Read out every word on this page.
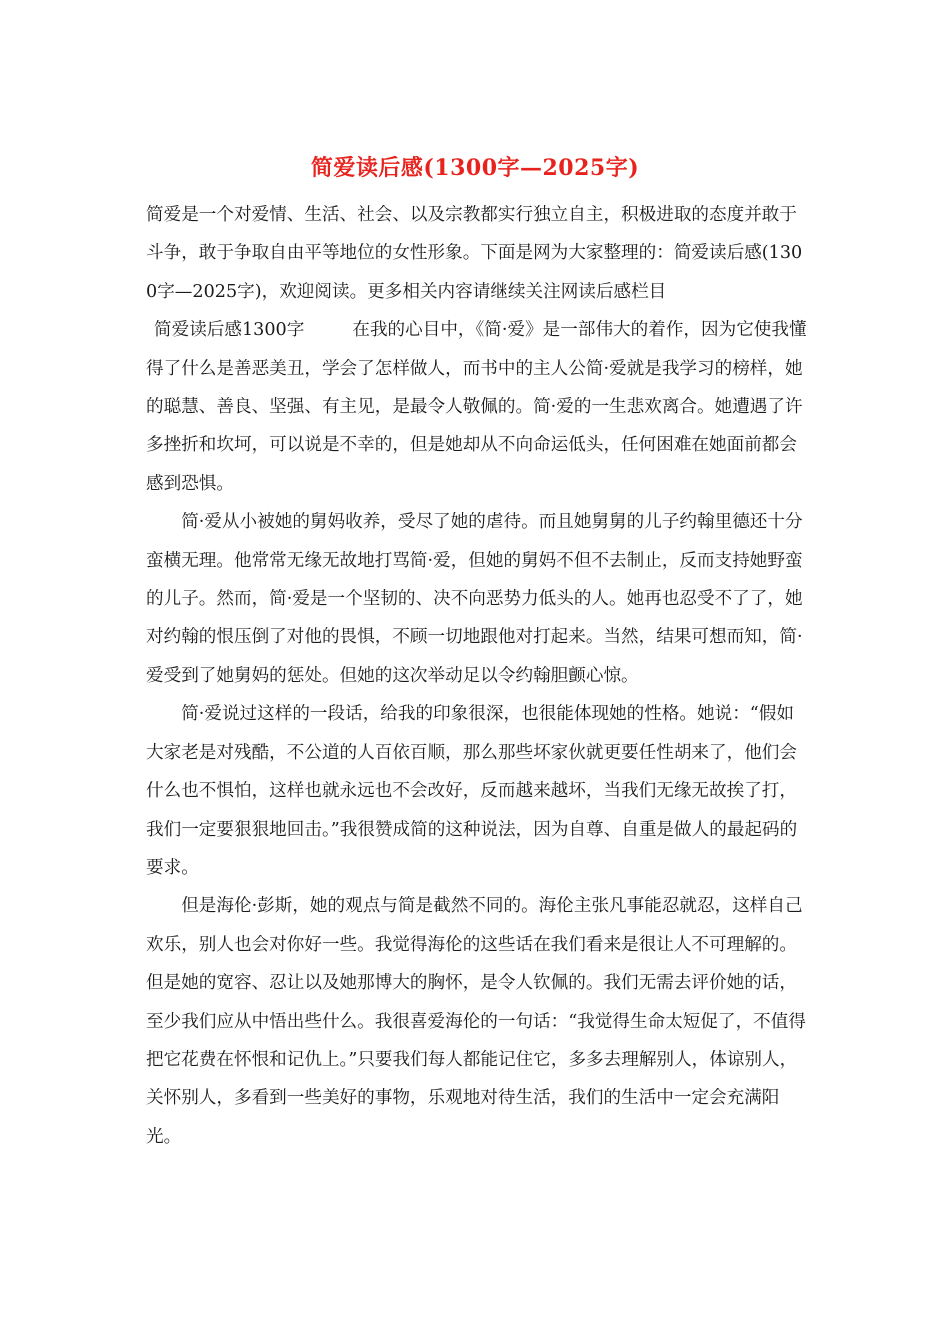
简爱读后感(1300字—2025字)

简爱是一个对爱情、生活、社会、以及宗教都实行独立自主，积极进取的态度并敢于斗争，敢于争取自由平等地位的女性形象。下面是网为大家整理的：简爱读后感(1300字—2025字)，欢迎阅读。更多相关内容请继续关注网读后感栏目

简爱读后感1300字	在我的心目中，《简·爱》是一部伟大的着作，因为它使我懂得了什么是善恶美丑，学会了怎样做人，而书中的主人公简·爱就是我学习的榜样，她的聪慧、善良、坚强、有主见，是最令人敬佩的。简·爱的一生悲欢离合。她遭遇了许多挫折和坎坷，可以说是不幸的，但是她却从不向命运低头，任何困难在她面前都会感到恐惧。

简·爱从小被她的舅妈收养，受尽了她的虐待。而且她舅舅的儿子约翰里德还十分蛮横无理。他常常无缘无故地打骂简·爱，但她的舅妈不但不去制止，反而支持她野蛮的儿子。然而，简·爱是一个坚韧的、决不向恶势力低头的人。她再也忍受不了了，她对约翰的恨压倒了对他的畏惧，不顾一切地跟他对打起来。当然，结果可想而知，简·爱受到了她舅妈的惩处。但她的这次举动足以令约翰胆颤心惊。

简·爱说过这样的一段话，给我的印象很深，也很能体现她的性格。她说：“假如大家老是对残酷，不公道的人百依百顺，那么那些坏家伙就更要任性胡来了，他们会什么也不惧怕，这样也就永远也不会改好，反而越来越坏，当我们无缘无故挨了打，我们一定要狠狠地回击。”我很赞成简的这种说法，因为自尊、自重是做人的最起码的要求。

但是海伦·彭斯，她的观点与简是截然不同的。海伦主张凡事能忍就忍，这样自己欢乐，别人也会对你好一些。我觉得海伦的这些话在我们看来是很让人不可理解的。但是她的宽容、忍让以及她那博大的胸怀，是令人钦佩的。我们无需去评价她的话，至少我们应从中悟出些什么。我很喜爱海伦的一句话：“我觉得生命太短促了，不值得把它花费在怀恨和记仇上。”只要我们每人都能记住它，多多去理解别人，体谅别人，关怀别人，多看到一些美好的事物，乐观地对待生活，我们的生活中一定会充满阳光。
